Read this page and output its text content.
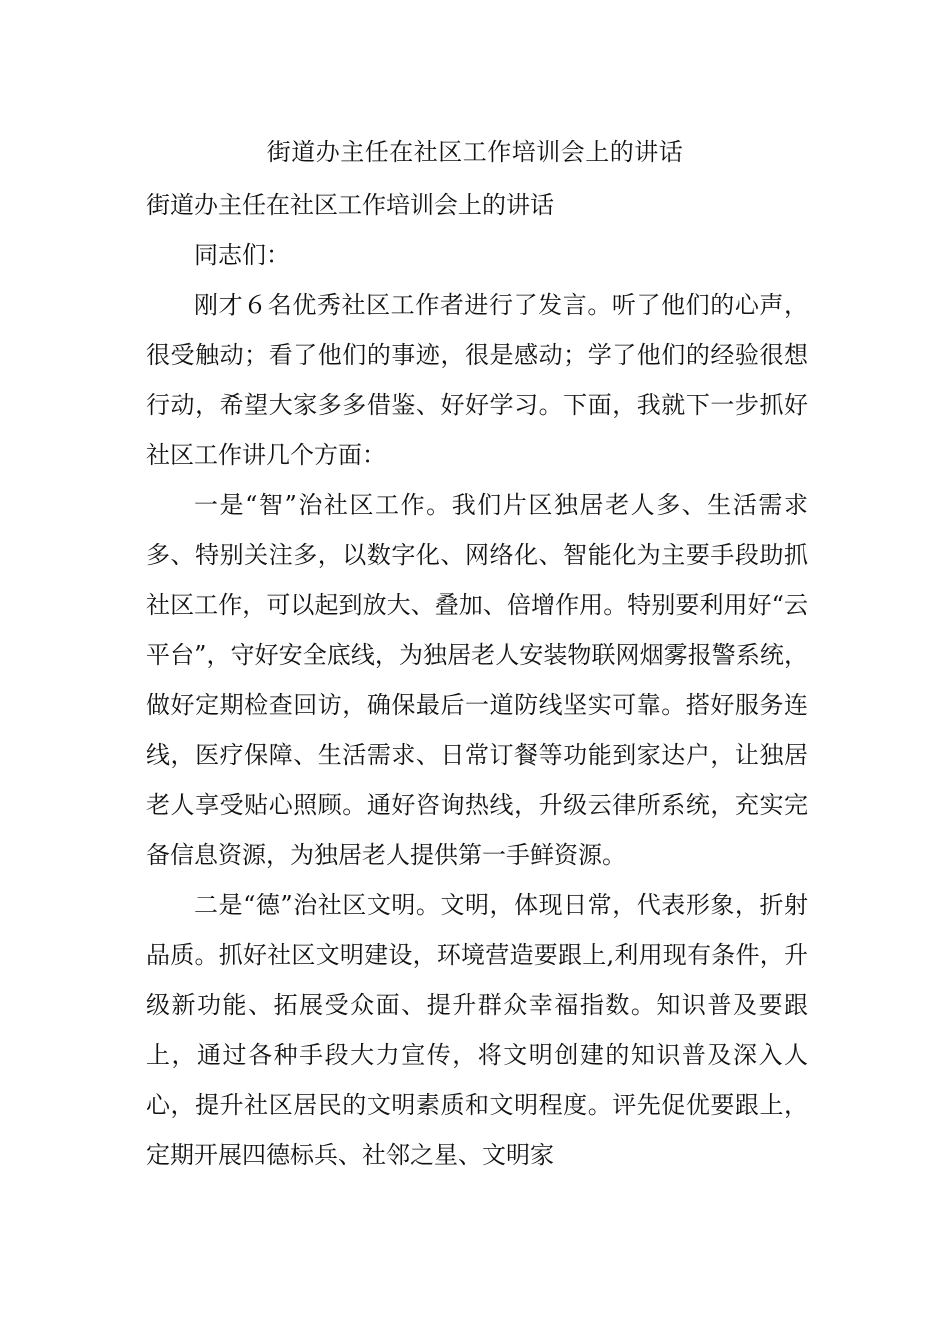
街道办主任在社区工作培训会上的讲话

街道办主任在社区工作培训会上的讲话

同志们：

刚才６名优秀社区工作者进行了发言。听了他们的心声，很受触动；看了他们的事迹，很是感动；学了他们的经验很想行动，希望大家多多借鉴、好好学习。下面，我就下一步抓好社区工作讲几个方面：

一是“智”治社区工作。我们片区独居老人多、生活需求多、特别关注多，以数字化、网络化、智能化为主要手段助抓社区工作，可以起到放大、叠加、倍增作用。特别要利用好“云平台”，守好安全底线，为独居老人安装物联网烟雾报警系统，做好定期检查回访，确保最后一道防线坚实可靠。搭好服务连线，医疗保障、生活需求、日常订餐等功能到家达户，让独居老人享受贴心照顾。通好咨询热线，升级云律所系统，充实完备信息资源，为独居老人提供第一手鲜资源。

二是“德”治社区文明。文明，体现日常，代表形象，折射品质。抓好社区文明建设，环境营造要跟上,利用现有条件，升级新功能、拓展受众面、提升群众幸福指数。知识普及要跟上，通过各种手段大力宣传，将文明创建的知识普及深入人心，提升社区居民的文明素质和文明程度。评先促优要跟上，定期开展四德标兵、社邻之星、文明家
